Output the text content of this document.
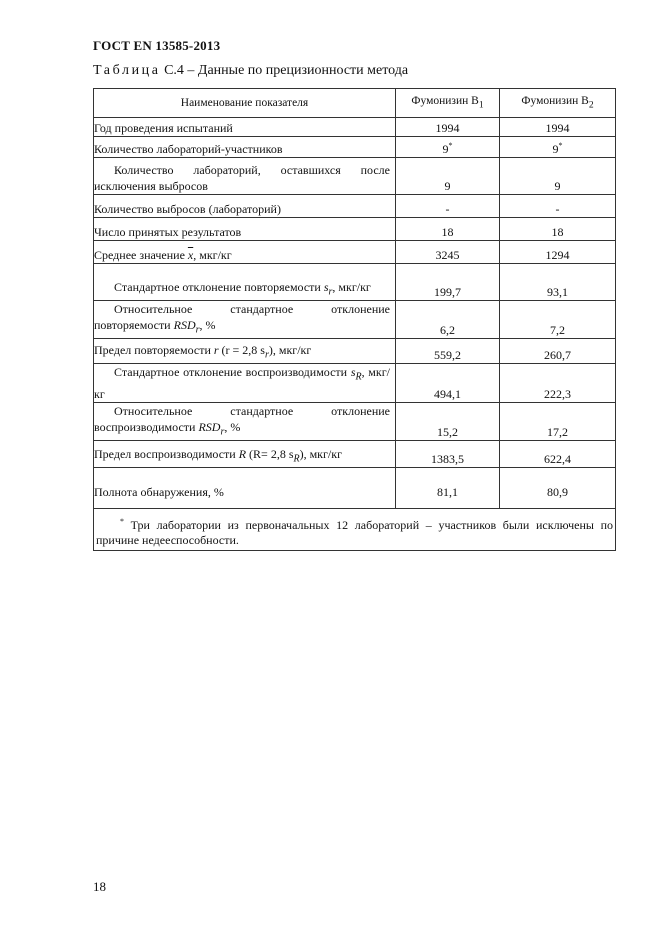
ГОСТ EN 13585-2013
Таблица С.4 – Данные по прецизионности метода
Наименование показателя	Фумонизин $B_1$	Фумонизин $B_2$
Год проведения испытаний	1994	1994
Количество лабораторий-участников	9*	9*
Количество лабораторий, оставшихся после исключения выбросов	9	9
Количество выбросов (лабораторий)	-	-
Число принятых результатов	18	18
Среднее значение $\overline{x}$, мкг/кг	3245	1294
Стандартное отклонение повторяемости $s_r$, мкг/кг	199,7	93,1
Относительное стандартное отклонение повторяемости $RSD_r$, %	6,2	7,2
Предел повторяемости r (r = 2,8 $s_r$), мкг/кг	559,2	260,7
Стандартное отклонение воспроизводимости $s_R$, мкг/кг	494,1	222,3
Относительное стандартное отклонение воспроизводимости $RSD_r$, %	15,2	17,2
Предел воспроизводимости R (R= 2,8 $s_R$), мкг/кг	1383,5	622,4
Полнота обнаружения, %	81,1	80,9
* Три лаборатории из первоначальных 12 лабораторий – участников были исключены по причине недееспособности.		
18
